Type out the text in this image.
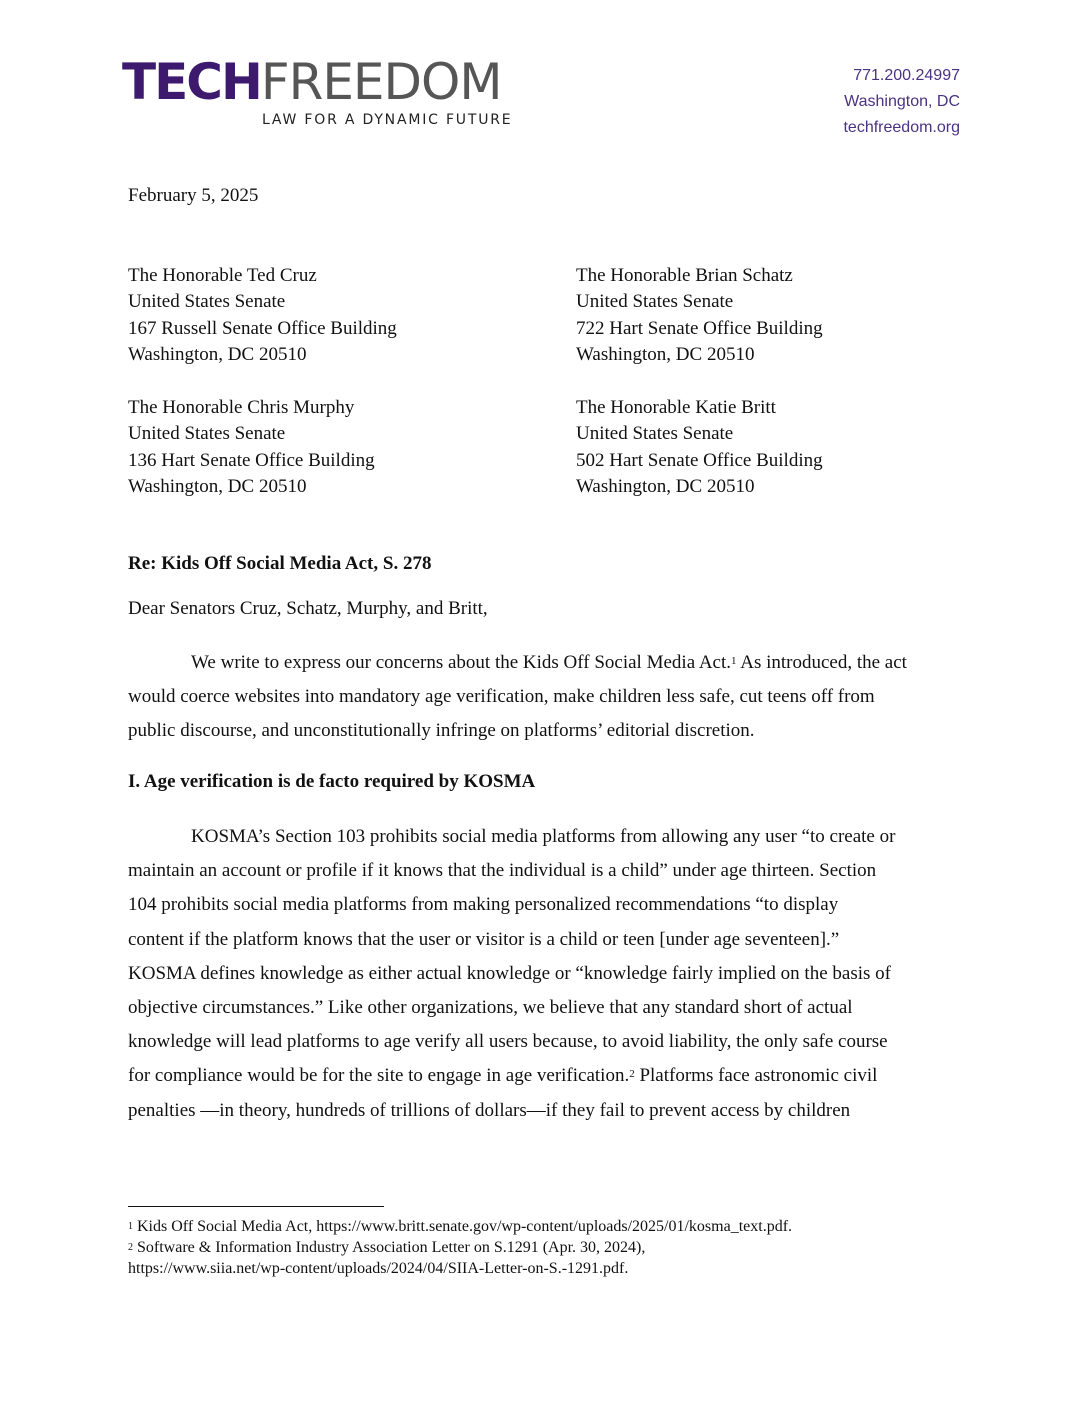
TECHFREEDOM
LAW FOR A DYNAMIC FUTURE
771.200.24997
Washington, DC
techfreedom.org
February 5, 2025
The Honorable Ted Cruz
United States Senate
167 Russell Senate Office Building
Washington, DC 20510
The Honorable Brian Schatz
United States Senate
722 Hart Senate Office Building
Washington, DC 20510
The Honorable Chris Murphy
United States Senate
136 Hart Senate Office Building
Washington, DC 20510
The Honorable Katie Britt
United States Senate
502 Hart Senate Office Building
Washington, DC 20510
Re: Kids Off Social Media Act, S. 278
Dear Senators Cruz, Schatz, Murphy, and Britt,
We write to express our concerns about the Kids Off Social Media Act.$^1$ As introduced, the act
would coerce websites into mandatory age verification, make children less safe, cut teens off from
public discourse, and unconstitutionally infringe on platforms’ editorial discretion.
I. Age verification is de facto required by KOSMA
KOSMA’s Section 103 prohibits social media platforms from allowing any user “to create or
maintain an account or profile if it knows that the individual is a child” under age thirteen. Section
104 prohibits social media platforms from making personalized recommendations “to display
content if the platform knows that the user or visitor is a child or teen [under age seventeen].”
KOSMA defines knowledge as either actual knowledge or “knowledge fairly implied on the basis of
objective circumstances.” Like other organizations, we believe that any standard short of actual
knowledge will lead platforms to age verify all users because, to avoid liability, the only safe course
for compliance would be for the site to engage in age verification.$^2$ Platforms face astronomic civil
penalties —in theory, hundreds of trillions of dollars—if they fail to prevent access by children
$^1$ Kids Off Social Media Act, https://www.britt.senate.gov/wp-content/uploads/2025/01/kosma_text.pdf.
$^2$ Software & Information Industry Association Letter on S.1291 (Apr. 30, 2024),
https://www.siia.net/wp-content/uploads/2024/04/SIIA-Letter-on-S.-1291.pdf.
